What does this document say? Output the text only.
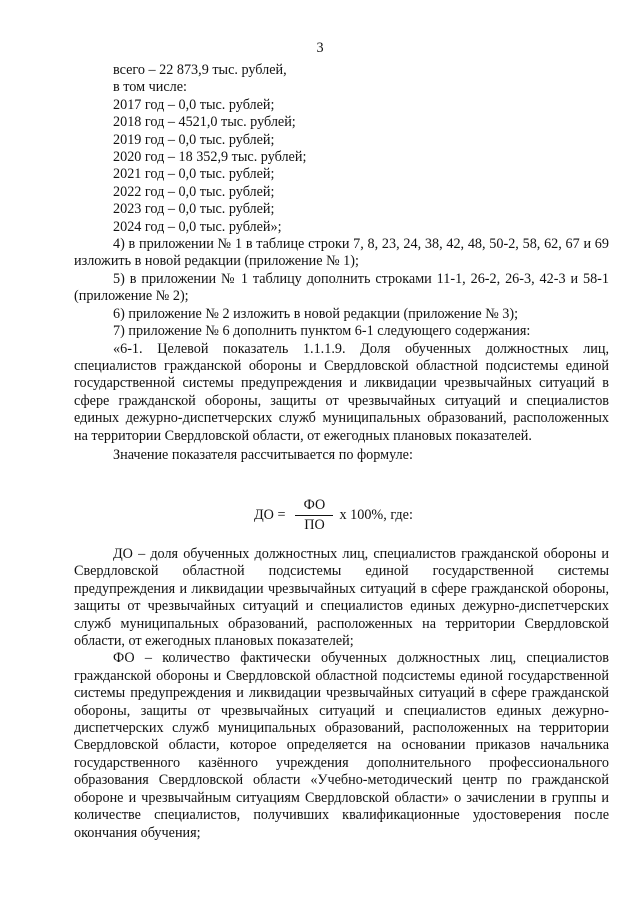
3
всего – 22 873,9 тыс. рублей,
в том числе:
2017 год – 0,0 тыс. рублей;
2018 год – 4521,0 тыс. рублей;
2019 год – 0,0 тыс. рублей;
2020 год – 18 352,9 тыс. рублей;
2021 год – 0,0 тыс. рублей;
2022 год – 0,0 тыс. рублей;
2023 год – 0,0 тыс. рублей;
2024 год – 0,0 тыс. рублей»;
4) в приложении № 1 в таблице строки 7, 8, 23, 24, 38, 42, 48, 50-2, 58, 62, 67 и 69 изложить в новой редакции (приложение № 1);
5) в приложении № 1 таблицу дополнить строками 11-1, 26-2, 26-3, 42-3 и 58-1 (приложение № 2);
6) приложение № 2 изложить в новой редакции (приложение № 3);
7) приложение № 6 дополнить пунктом 6-1 следующего содержания:
«6-1. Целевой показатель 1.1.1.9. Доля обученных должностных лиц, специалистов гражданской обороны и Свердловской областной подсистемы единой государственной системы предупреждения и ликвидации чрезвычайных ситуаций в сфере гражданской обороны, защиты от чрезвычайных ситуаций и специалистов единых дежурно-диспетчерских служб муниципальных образований, расположенных на территории Свердловской области, от ежегодных плановых показателей.
Значение показателя рассчитывается по формуле:
ДО = $\frac{ФО}{ПО}$ х 100%, где:
ДО – доля обученных должностных лиц, специалистов гражданской обороны и Свердловской областной подсистемы единой государственной системы предупреждения и ликвидации чрезвычайных ситуаций в сфере гражданской обороны, защиты от чрезвычайных ситуаций и специалистов единых дежурно-диспетчерских служб муниципальных образований, расположенных на территории Свердловской области, от ежегодных плановых показателей;
ФО – количество фактически обученных должностных лиц, специалистов гражданской обороны и Свердловской областной подсистемы единой государственной системы предупреждения и ликвидации чрезвычайных ситуаций в сфере гражданской обороны, защиты от чрезвычайных ситуаций и специалистов единых дежурно-диспетчерских служб муниципальных образований, расположенных на территории Свердловской области, которое определяется на основании приказов начальника государственного казённого учреждения дополнительного профессионального образования Свердловской области «Учебно-методический центр по гражданской обороне и чрезвычайным ситуациям Свердловской области» о зачислении в группы и количестве специалистов, получивших квалификационные удостоверения после окончания обучения;
